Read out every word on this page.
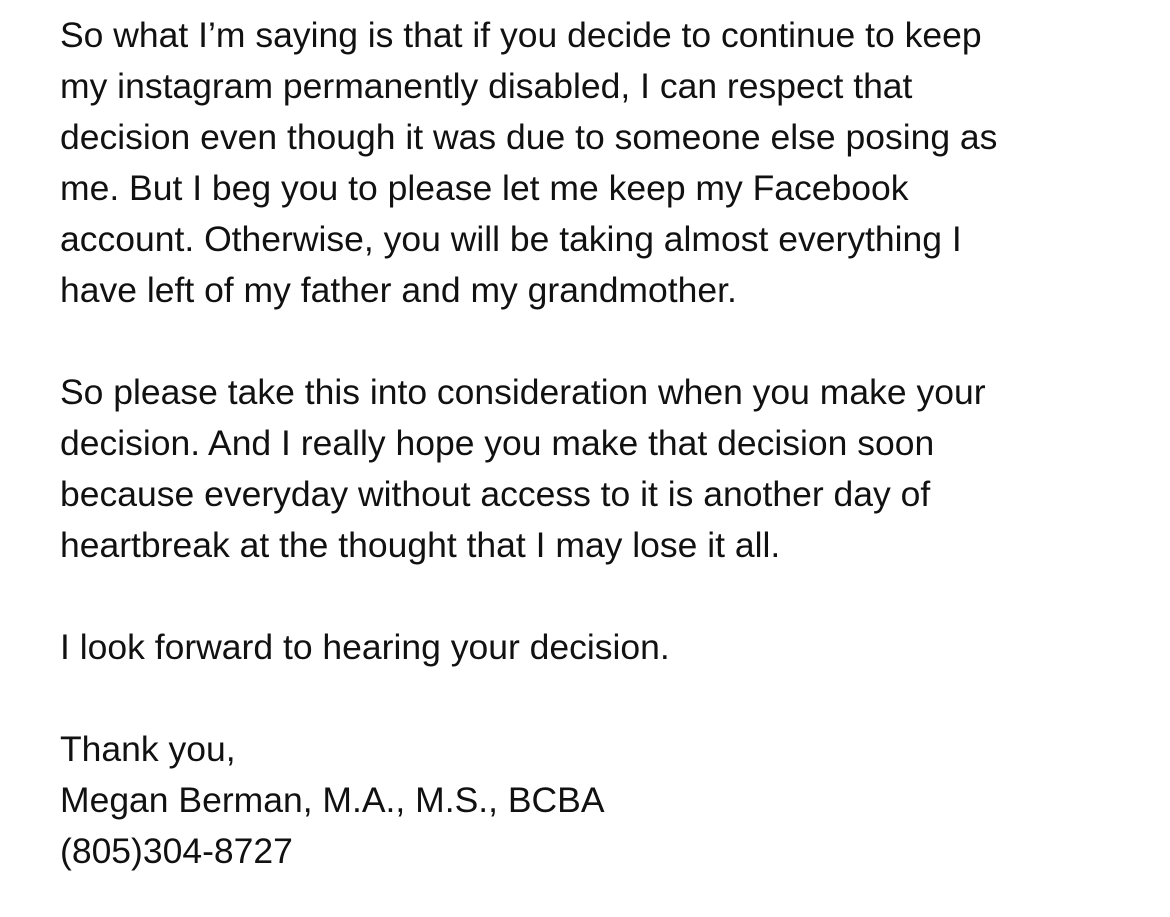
So what I’m saying is that if you decide to continue to keep
my instagram permanently disabled, I can respect that
decision even though it was due to someone else posing as
me. But I beg you to please let me keep my Facebook
account. Otherwise, you will be taking almost everything I
have left of my father and my grandmother.
So please take this into consideration when you make your
decision. And I really hope you make that decision soon
because everyday without access to it is another day of
heartbreak at the thought that I may lose it all.
I look forward to hearing your decision.
Thank you,
Megan Berman, M.A., M.S., BCBA
(805)304-8727
